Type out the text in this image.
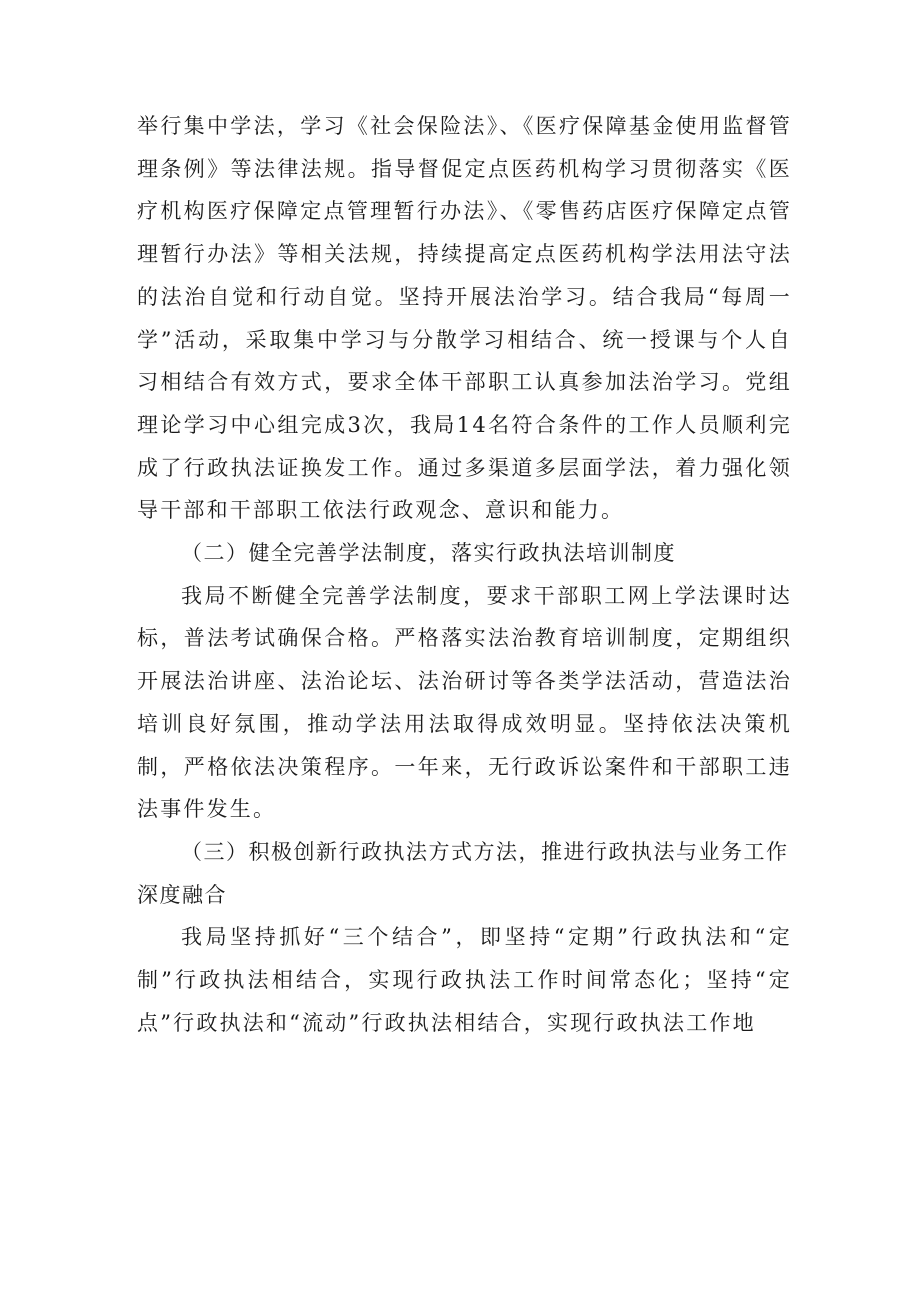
举行集中学法，学习《社会保险法》、《医疗保障基金使用监督管理条例》等法律法规。指导督促定点医药机构学习贯彻落实《医疗机构医疗保障定点管理暂行办法》、《零售药店医疗保障定点管理暂行办法》等相关法规，持续提高定点医药机构学法用法守法的法治自觉和行动自觉。坚持开展法治学习。结合我局“每周一学”活动，采取集中学习与分散学习相结合、统一授课与个人自习相结合有效方式，要求全体干部职工认真参加法治学习。党组理论学习中心组完成3次，我局14名符合条件的工作人员顺利完成了行政执法证换发工作。通过多渠道多层面学法，着力强化领导干部和干部职工依法行政观念、意识和能力。

（二）健全完善学法制度，落实行政执法培训制度

我局不断健全完善学法制度，要求干部职工网上学法课时达标，普法考试确保合格。严格落实法治教育培训制度，定期组织开展法治讲座、法治论坛、法治研讨等各类学法活动，营造法治培训良好氛围，推动学法用法取得成效明显。坚持依法决策机制，严格依法决策程序。一年来，无行政诉讼案件和干部职工违法事件发生。

（三）积极创新行政执法方式方法，推进行政执法与业务工作深度融合

我局坚持抓好“三个结合”，即坚持“定期”行政执法和“定制”行政执法相结合，实现行政执法工作时间常态化；坚持“定点”行政执法和“流动”行政执法相结合，实现行政执法工作地
